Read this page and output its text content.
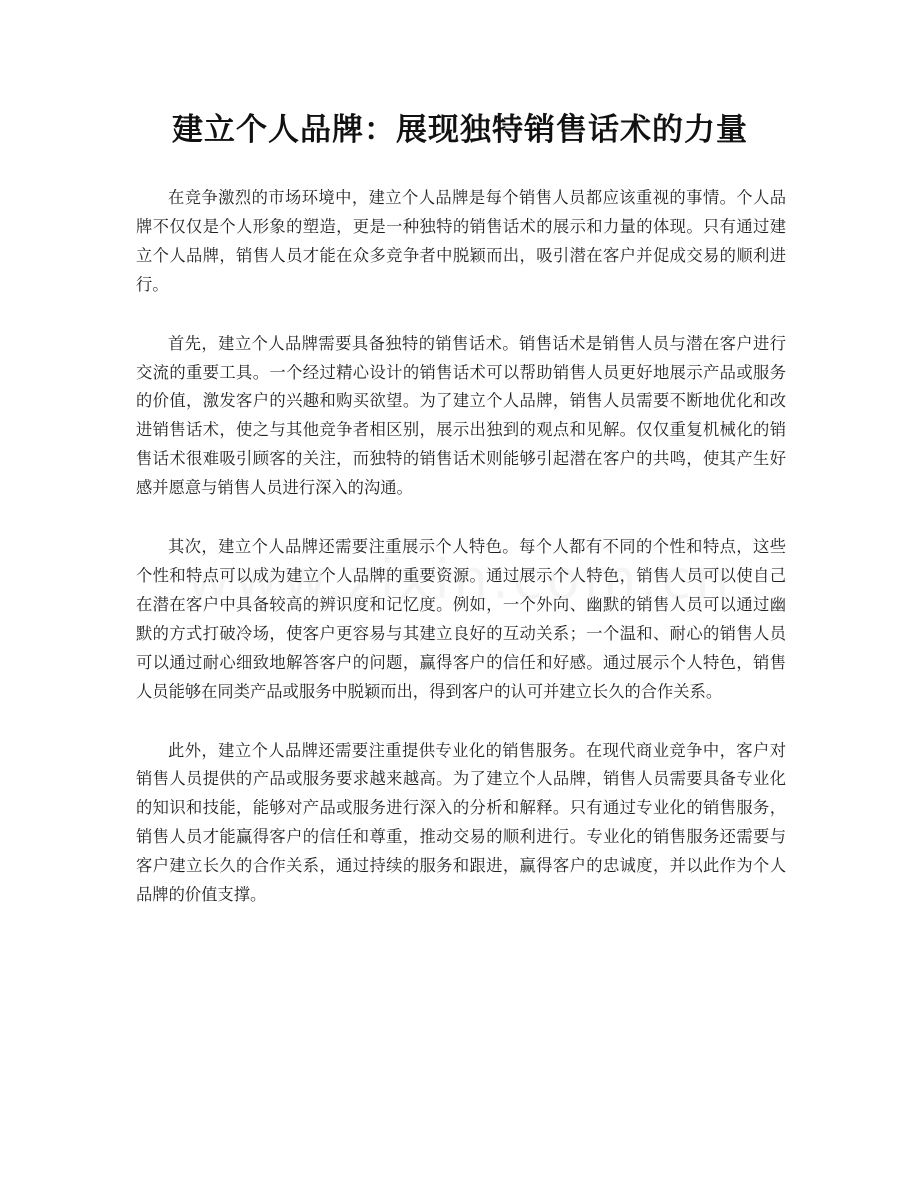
建立个人品牌：展现独特销售话术的力量

在竞争激烈的市场环境中，建立个人品牌是每个销售人员都应该重视的事情。个人品牌不仅仅是个人形象的塑造，更是一种独特的销售话术的展示和力量的体现。只有通过建立个人品牌，销售人员才能在众多竞争者中脱颖而出，吸引潜在客户并促成交易的顺利进行。

首先，建立个人品牌需要具备独特的销售话术。销售话术是销售人员与潜在客户进行交流的重要工具。一个经过精心设计的销售话术可以帮助销售人员更好地展示产品或服务的价值，激发客户的兴趣和购买欲望。为了建立个人品牌，销售人员需要不断地优化和改进销售话术，使之与其他竞争者相区别，展示出独到的观点和见解。仅仅重复机械化的销售话术很难吸引顾客的关注，而独特的销售话术则能够引起潜在客户的共鸣，使其产生好感并愿意与销售人员进行深入的沟通。

其次，建立个人品牌还需要注重展示个人特色。每个人都有不同的个性和特点，这些个性和特点可以成为建立个人品牌的重要资源。通过展示个人特色，销售人员可以使自己在潜在客户中具备较高的辨识度和记忆度。例如，一个外向、幽默的销售人员可以通过幽默的方式打破冷场，使客户更容易与其建立良好的互动关系；一个温和、耐心的销售人员可以通过耐心细致地解答客户的问题，赢得客户的信任和好感。通过展示个人特色，销售人员能够在同类产品或服务中脱颖而出，得到客户的认可并建立长久的合作关系。

此外，建立个人品牌还需要注重提供专业化的销售服务。在现代商业竞争中，客户对销售人员提供的产品或服务要求越来越高。为了建立个人品牌，销售人员需要具备专业化的知识和技能，能够对产品或服务进行深入的分析和解释。只有通过专业化的销售服务，销售人员才能赢得客户的信任和尊重，推动交易的顺利进行。专业化的销售服务还需要与客户建立长久的合作关系，通过持续的服务和跟进，赢得客户的忠诚度，并以此作为个人品牌的价值支撑。
